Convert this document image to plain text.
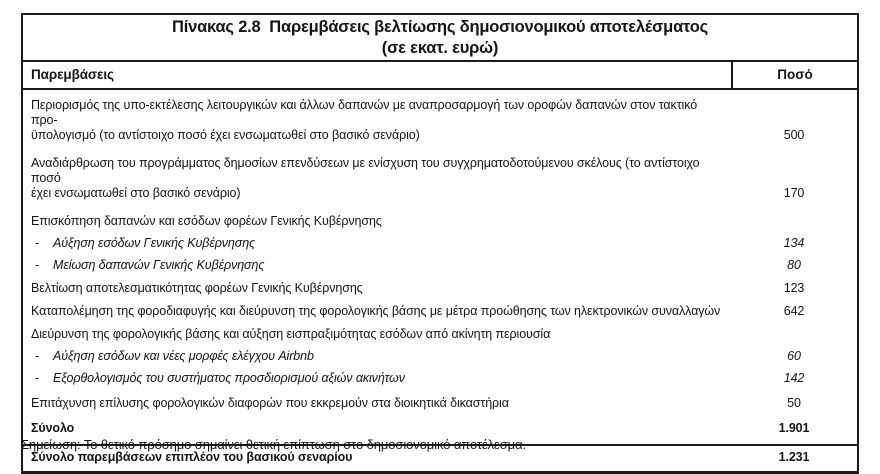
Πίνακας 2.8  Παρεμβάσεις βελτίωσης δημοσιονομικού αποτελέσματος
(σε εκατ. ευρώ)
Παρεμβάσεις	Ποσό
Περιορισμός της υπο-εκτέλεσης λειτουργικών και άλλων δαπανών με αναπροσαρμογή των οροφών δαπανών στον τακτικό προ-
ϋπολογισμό (το αντίστοιχο ποσό έχει ενσωματωθεί στο βασικό σενάριο)	500
Αναδιάρθρωση του προγράμματος δημοσίων επενδύσεων με ενίσχυση του συγχρηματοδοτούμενου σκέλους (το αντίστοιχο ποσό
έχει ενσωματωθεί στο βασικό σενάριο)	170
Επισκόπηση δαπανών και εσόδων φορέων Γενικής Κυβέρνησης
-	Αύξηση εσόδων Γενικής Κυβέρνησης	134
-	Μείωση δαπανών Γενικής Κυβέρνησης	80
Βελτίωση αποτελεσματικότητας φορέων Γενικής Κυβέρνησης	123
Καταπολέμηση της φοροδιαφυγής και διεύρυνση της φορολογικής βάσης με μέτρα προώθησης των ηλεκτρονικών συναλλαγών	642
Διεύρυνση της φορολογικής βάσης και αύξηση εισπραξιμότητας εσόδων από ακίνητη περιουσία
-	Αύξηση εσόδων και νέες μορφές ελέγχου Airbnb	60
-	Εξορθολογισμός του συστήματος προσδιορισμού αξιών ακινήτων	142
Επιτάχυνση επίλυσης φορολογικών διαφορών που εκκρεμούν στα διοικητικά δικαστήρια	50
Σύνολο	1.901
Σύνολο παρεμβάσεων επιπλέον του βασικού σεναρίου	1.231
Σημείωση: Το θετικό πρόσημο σημαίνει θετική επίπτωση στο δημοσιονομικό αποτέλεσμα.
